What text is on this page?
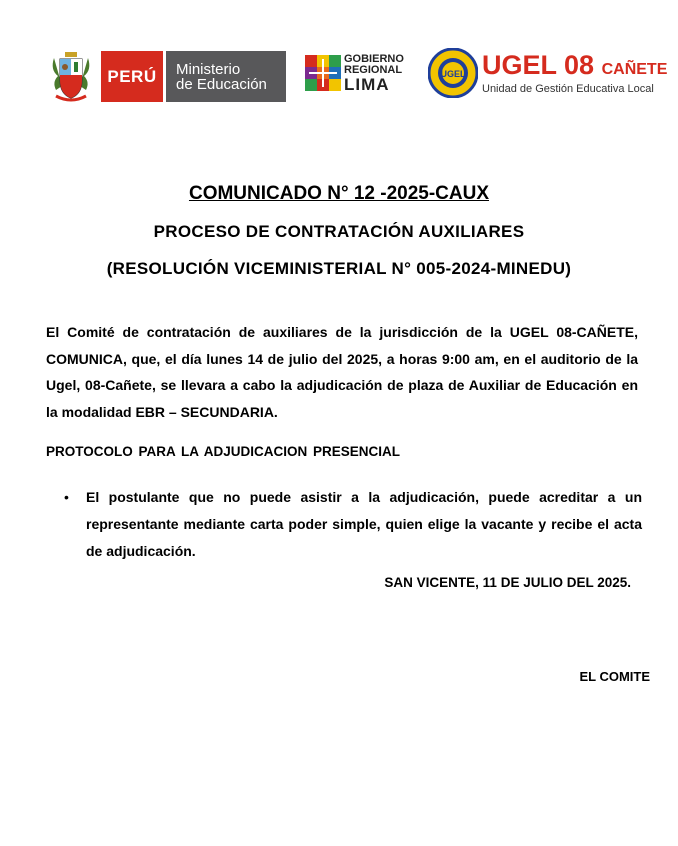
PERÚ Ministerio
de Educación
GOBIERNO
REGIONAL
LIMA
UGEL UGEL 08 CAÑETE
Unidad de Gestión Educativa Local
COMUNICADO N° 12 -2025-CAUX
PROCESO DE CONTRATACIÓN AUXILIARES
(RESOLUCIÓN VICEMINISTERIAL N° 005-2024-MINEDU)
El Comité de contratación de auxiliares de la jurisdicción de la UGEL 08-CAÑETE, COMUNICA, que, el día lunes 14 de julio del 2025, a horas 9:00 am, en el auditorio de la Ugel, 08-Cañete, se llevara a cabo la adjudicación de plaza de Auxiliar de Educación en la modalidad EBR – SECUNDARIA.
PROTOCOLO PARA LA ADJUDICACION PRESENCIAL
•	El postulante que no puede asistir a la adjudicación, puede acreditar a un representante mediante carta poder simple, quien elige la vacante y recibe el acta de adjudicación.
SAN VICENTE, 11 DE JULIO DEL 2025.
EL COMITE
